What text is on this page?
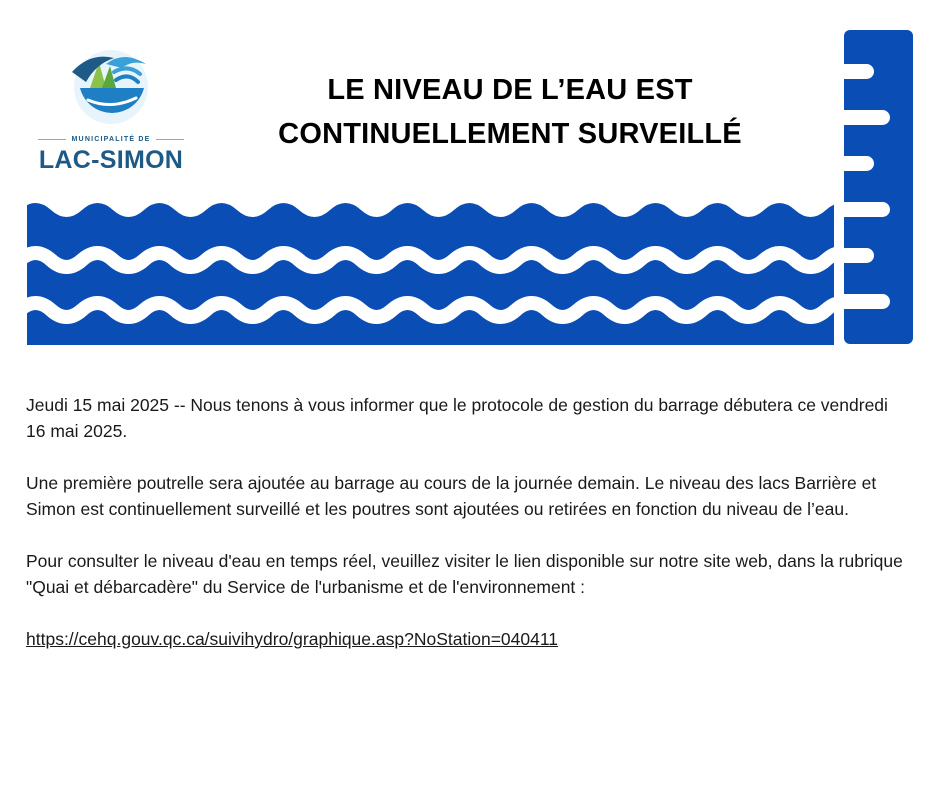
MUNICIPALITÉ DE
LAC-SIMON
LE NIVEAU DE L’EAU EST
CONTINUELLEMENT SURVEILLÉ

Jeudi 15 mai 2025 -- Nous tenons à vous informer que le protocole de gestion du barrage débutera ce vendredi 16 mai 2025.

Une première poutrelle sera ajoutée au barrage au cours de la journée demain. Le niveau des lacs Barrière et Simon est continuellement surveillé et les poutres sont ajoutées ou retirées en fonction du niveau de l’eau.

Pour consulter le niveau d'eau en temps réel, veuillez visiter le lien disponible sur notre site web, dans la rubrique "Quai et débarcadère" du Service de l'urbanisme et de l'environnement :

https://cehq.gouv.qc.ca/suivihydro/graphique.asp?NoStation=040411
